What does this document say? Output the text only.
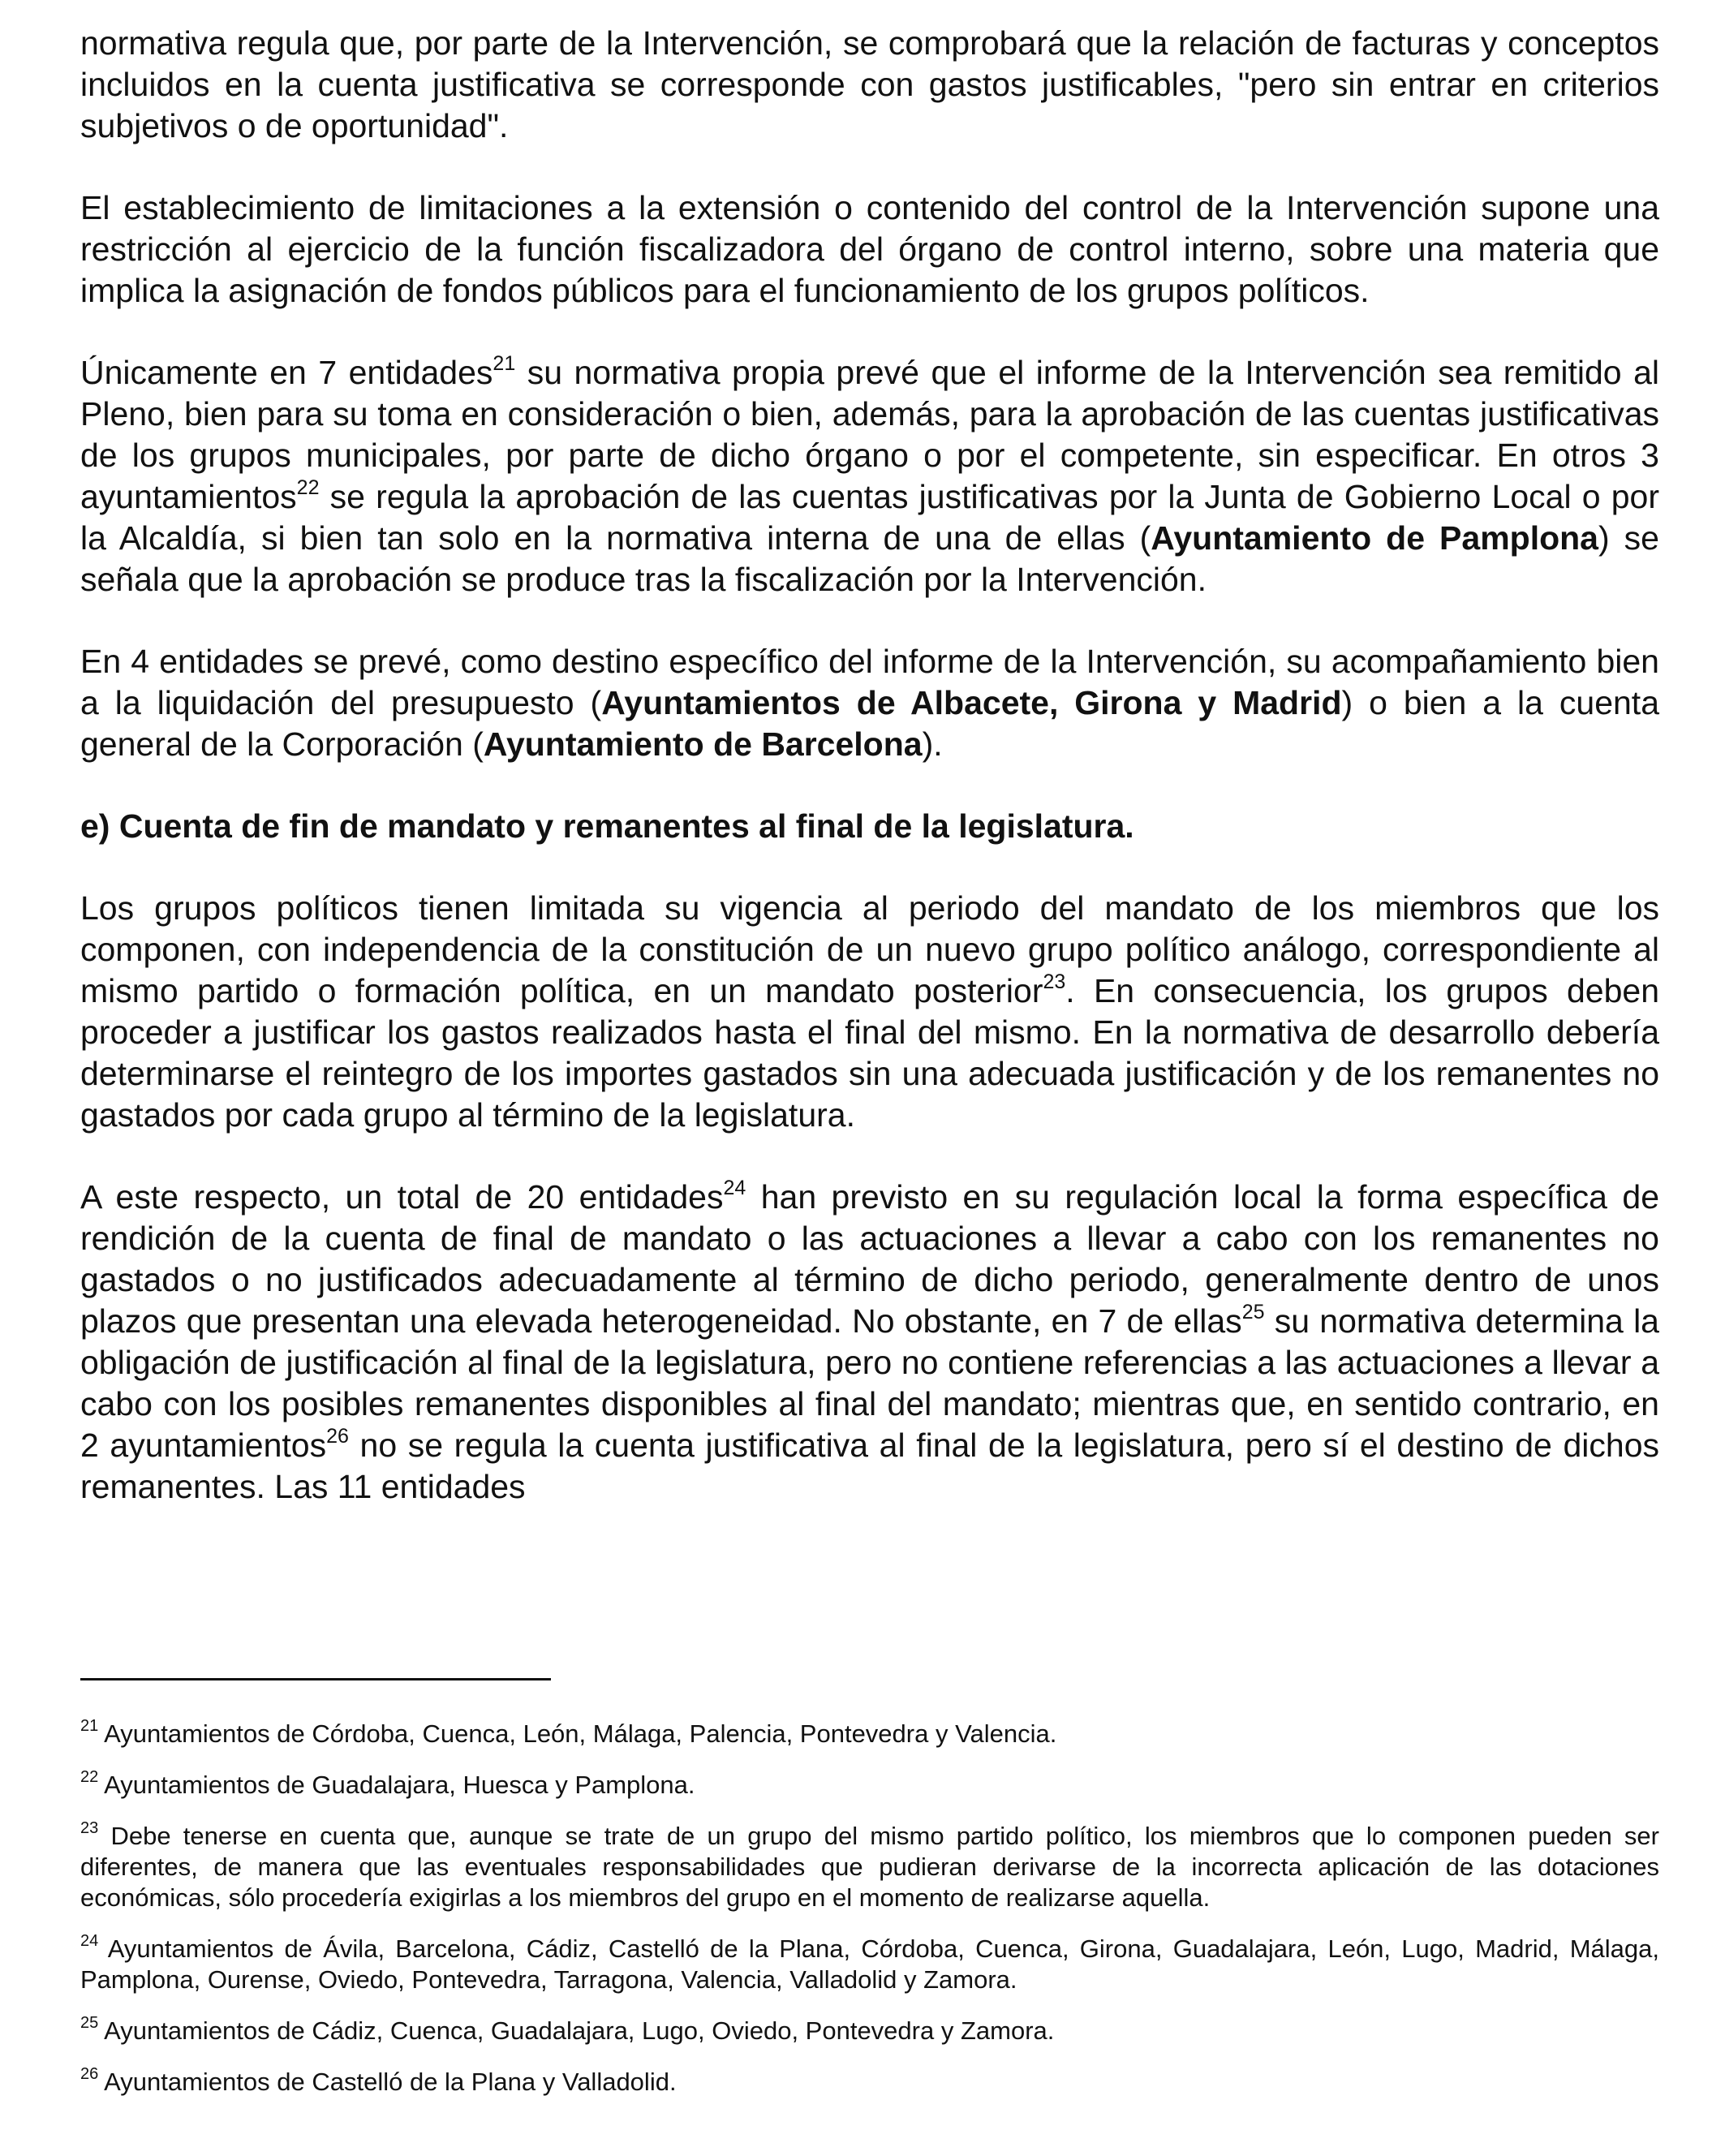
normativa regula que, por parte de la Intervención, se comprobará que la relación de facturas y conceptos incluidos en la cuenta justificativa se corresponde con gastos justificables, "pero sin entrar en criterios subjetivos o de oportunidad".

El establecimiento de limitaciones a la extensión o contenido del control de la Intervención supone una restricción al ejercicio de la función fiscalizadora del órgano de control interno, sobre una materia que implica la asignación de fondos públicos para el funcionamiento de los grupos políticos.

Únicamente en 7 entidades$^{21}$ su normativa propia prevé que el informe de la Intervención sea remitido al Pleno, bien para su toma en consideración o bien, además, para la aprobación de las cuentas justificativas de los grupos municipales, por parte de dicho órgano o por el competente, sin especificar. En otros 3 ayuntamientos$^{22}$ se regula la aprobación de las cuentas justificativas por la Junta de Gobierno Local o por la Alcaldía, si bien tan solo en la normativa interna de una de ellas (Ayuntamiento de Pamplona) se señala que la aprobación se produce tras la fiscalización por la Intervención.

En 4 entidades se prevé, como destino específico del informe de la Intervención, su acompañamiento bien a la liquidación del presupuesto (Ayuntamientos de Albacete, Girona y Madrid) o bien a la cuenta general de la Corporación (Ayuntamiento de Barcelona).

e) Cuenta de fin de mandato y remanentes al final de la legislatura.

Los grupos políticos tienen limitada su vigencia al periodo del mandato de los miembros que los componen, con independencia de la constitución de un nuevo grupo político análogo, correspondiente al mismo partido o formación política, en un mandato posterior$^{23}$. En consecuencia, los grupos deben proceder a justificar los gastos realizados hasta el final del mismo. En la normativa de desarrollo debería determinarse el reintegro de los importes gastados sin una adecuada justificación y de los remanentes no gastados por cada grupo al término de la legislatura.

A este respecto, un total de 20 entidades$^{24}$ han previsto en su regulación local la forma específica de rendición de la cuenta de final de mandato o las actuaciones a llevar a cabo con los remanentes no gastados o no justificados adecuadamente al término de dicho periodo, generalmente dentro de unos plazos que presentan una elevada heterogeneidad. No obstante, en 7 de ellas$^{25}$ su normativa determina la obligación de justificación al final de la legislatura, pero no contiene referencias a las actuaciones a llevar a cabo con los posibles remanentes disponibles al final del mandato; mientras que, en sentido contrario, en 2 ayuntamientos$^{26}$ no se regula la cuenta justificativa al final de la legislatura, pero sí el destino de dichos remanentes. Las 11 entidades

$^{21}$ Ayuntamientos de Córdoba, Cuenca, León, Málaga, Palencia, Pontevedra y Valencia.

$^{22}$ Ayuntamientos de Guadalajara, Huesca y Pamplona.

$^{23}$ Debe tenerse en cuenta que, aunque se trate de un grupo del mismo partido político, los miembros que lo componen pueden ser diferentes, de manera que las eventuales responsabilidades que pudieran derivarse de la incorrecta aplicación de las dotaciones económicas, sólo procedería exigirlas a los miembros del grupo en el momento de realizarse aquella.

$^{24}$ Ayuntamientos de Ávila, Barcelona, Cádiz, Castelló de la Plana, Córdoba, Cuenca, Girona, Guadalajara, León, Lugo, Madrid, Málaga, Pamplona, Ourense, Oviedo, Pontevedra, Tarragona, Valencia, Valladolid y Zamora.

$^{25}$ Ayuntamientos de Cádiz, Cuenca, Guadalajara, Lugo, Oviedo, Pontevedra y Zamora.

$^{26}$ Ayuntamientos de Castelló de la Plana y Valladolid.
